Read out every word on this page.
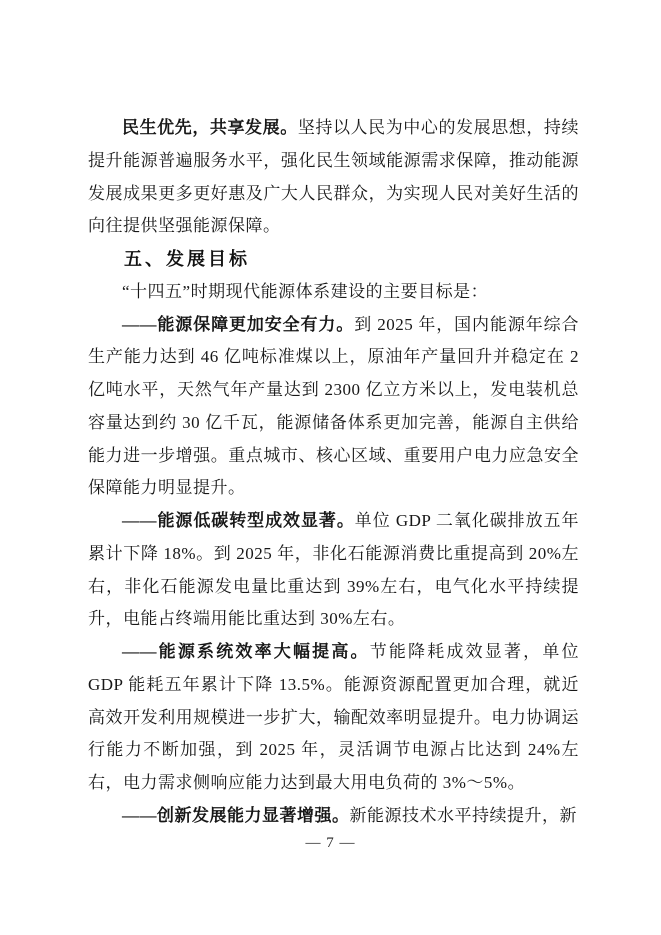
民生优先，共享发展。坚持以人民为中心的发展思想，持续提升能源普遍服务水平，强化民生领域能源需求保障，推动能源发展成果更多更好惠及广大人民群众，为实现人民对美好生活的向往提供坚强能源保障。

五、发展目标

“十四五”时期现代能源体系建设的主要目标是：

——能源保障更加安全有力。到 2025 年，国内能源年综合生产能力达到 46 亿吨标准煤以上，原油年产量回升并稳定在 2 亿吨水平，天然气年产量达到 2300 亿立方米以上，发电装机总容量达到约 30 亿千瓦，能源储备体系更加完善，能源自主供给能力进一步增强。重点城市、核心区域、重要用户电力应急安全保障能力明显提升。

——能源低碳转型成效显著。单位 GDP 二氧化碳排放五年累计下降 18%。到 2025 年，非化石能源消费比重提高到 20%左右，非化石能源发电量比重达到 39%左右，电气化水平持续提升，电能占终端用能比重达到 30%左右。

——能源系统效率大幅提高。节能降耗成效显著，单位 GDP 能耗五年累计下降 13.5%。能源资源配置更加合理，就近高效开发利用规模进一步扩大，输配效率明显提升。电力协调运行能力不断加强，到 2025 年，灵活调节电源占比达到 24%左右，电力需求侧响应能力达到最大用电负荷的 3%～5%。

——创新发展能力显著增强。新能源技术水平持续提升，新

— 7 —
